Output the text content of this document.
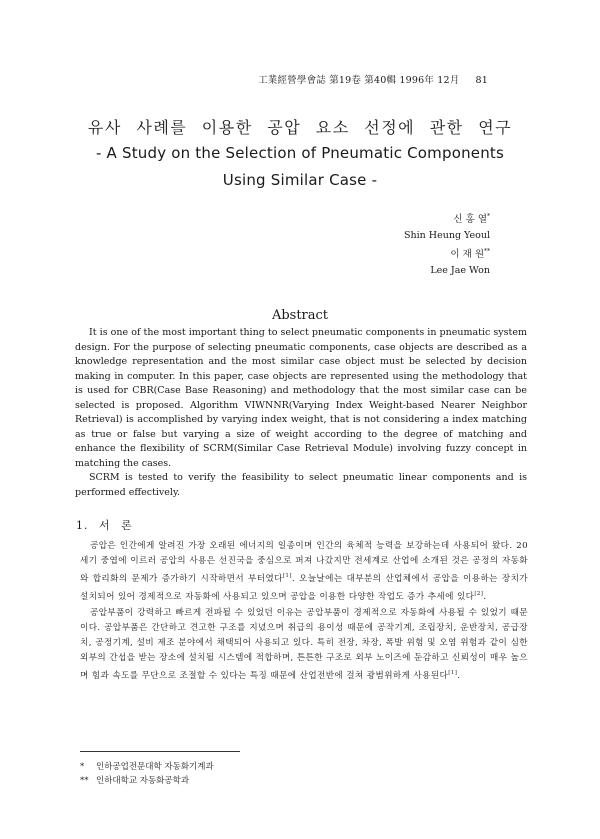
工業經營學會誌 第19卷 第40輯 1996年 12月 81
유사 사례를 이용한 공압 요소 선정에 관한 연구
- A Study on the Selection of Pneumatic Components
Using Similar Case -
신 홍 열*
Shin Heung Yeoul
이 재 원**
Lee Jae Won
Abstract

It is one of the most important thing to select pneumatic components in pneumatic system design. For the purpose of selecting pneumatic components, case objects are described as a knowledge representation and the most similar case object must be selected by decision making in computer. In this paper, case objects are represented using the methodology that is used for CBR(Case Base Reasoning) and methodology that the most similar case can be selected is proposed. Algorithm VIWNNR(Varying Index Weight-based Nearer Neighbor Retrieval) is accomplished by varying index weight, that is not considering a index matching as true or false but varying a size of weight according to the degree of matching and enhance the flexibility of SCRM(Similar Case Retrieval Module) involving fuzzy concept in matching the cases.

SCRM is tested to verify the feasibility to select pneumatic linear components and is performed effectively.

1. 서 론

공압은 인간에게 알려진 가장 오래된 에너지의 일종이며 인간의 육체적 능력을 보강하는데 사용되어 왔다. 20세기 중엽에 이르러 공압의 사용은 선진국을 중심으로 퍼져 나갔지만 전세계로 산업에 소개된 것은 공정의 자동화와 합리화의 문제가 증가하기 시작하면서 부터였다[1]. 오늘날에는 대부분의 산업체에서 공압을 이용하는 장치가 설치되어 있어 경제적으로 자동화에 사용되고 있으며 공압을 이용한 다양한 작업도 증가 추세에 있다[2].

공압부품이 강력하고 빠르게 전파될 수 있었던 이유는 공압부품이 경제적으로 자동화에 사용될 수 있었기 때문이다. 공압부품은 간단하고 견고한 구조를 지녔으며 취급의 용이성 때문에 공작기계, 조립장치, 운반장치, 공급장치, 공정기계, 설비 제조 분야에서 채택되어 사용되고 있다. 특히 전장, 차장, 폭발 위험 및 오염 위험과 같이 심한 외부의 간섭을 받는 장소에 설치될 시스템에 적합하며, 튼튼한 구조로 외부 노이즈에 둔감하고 신뢰성이 매우 높으며 힘과 속도를 무단으로 조절할 수 있다는 특징 때문에 산업전반에 걸쳐 광범위하게 사용된다[1].

* 인하공업전문대학 자동화기계과
** 인하대학교 자동화공학과
